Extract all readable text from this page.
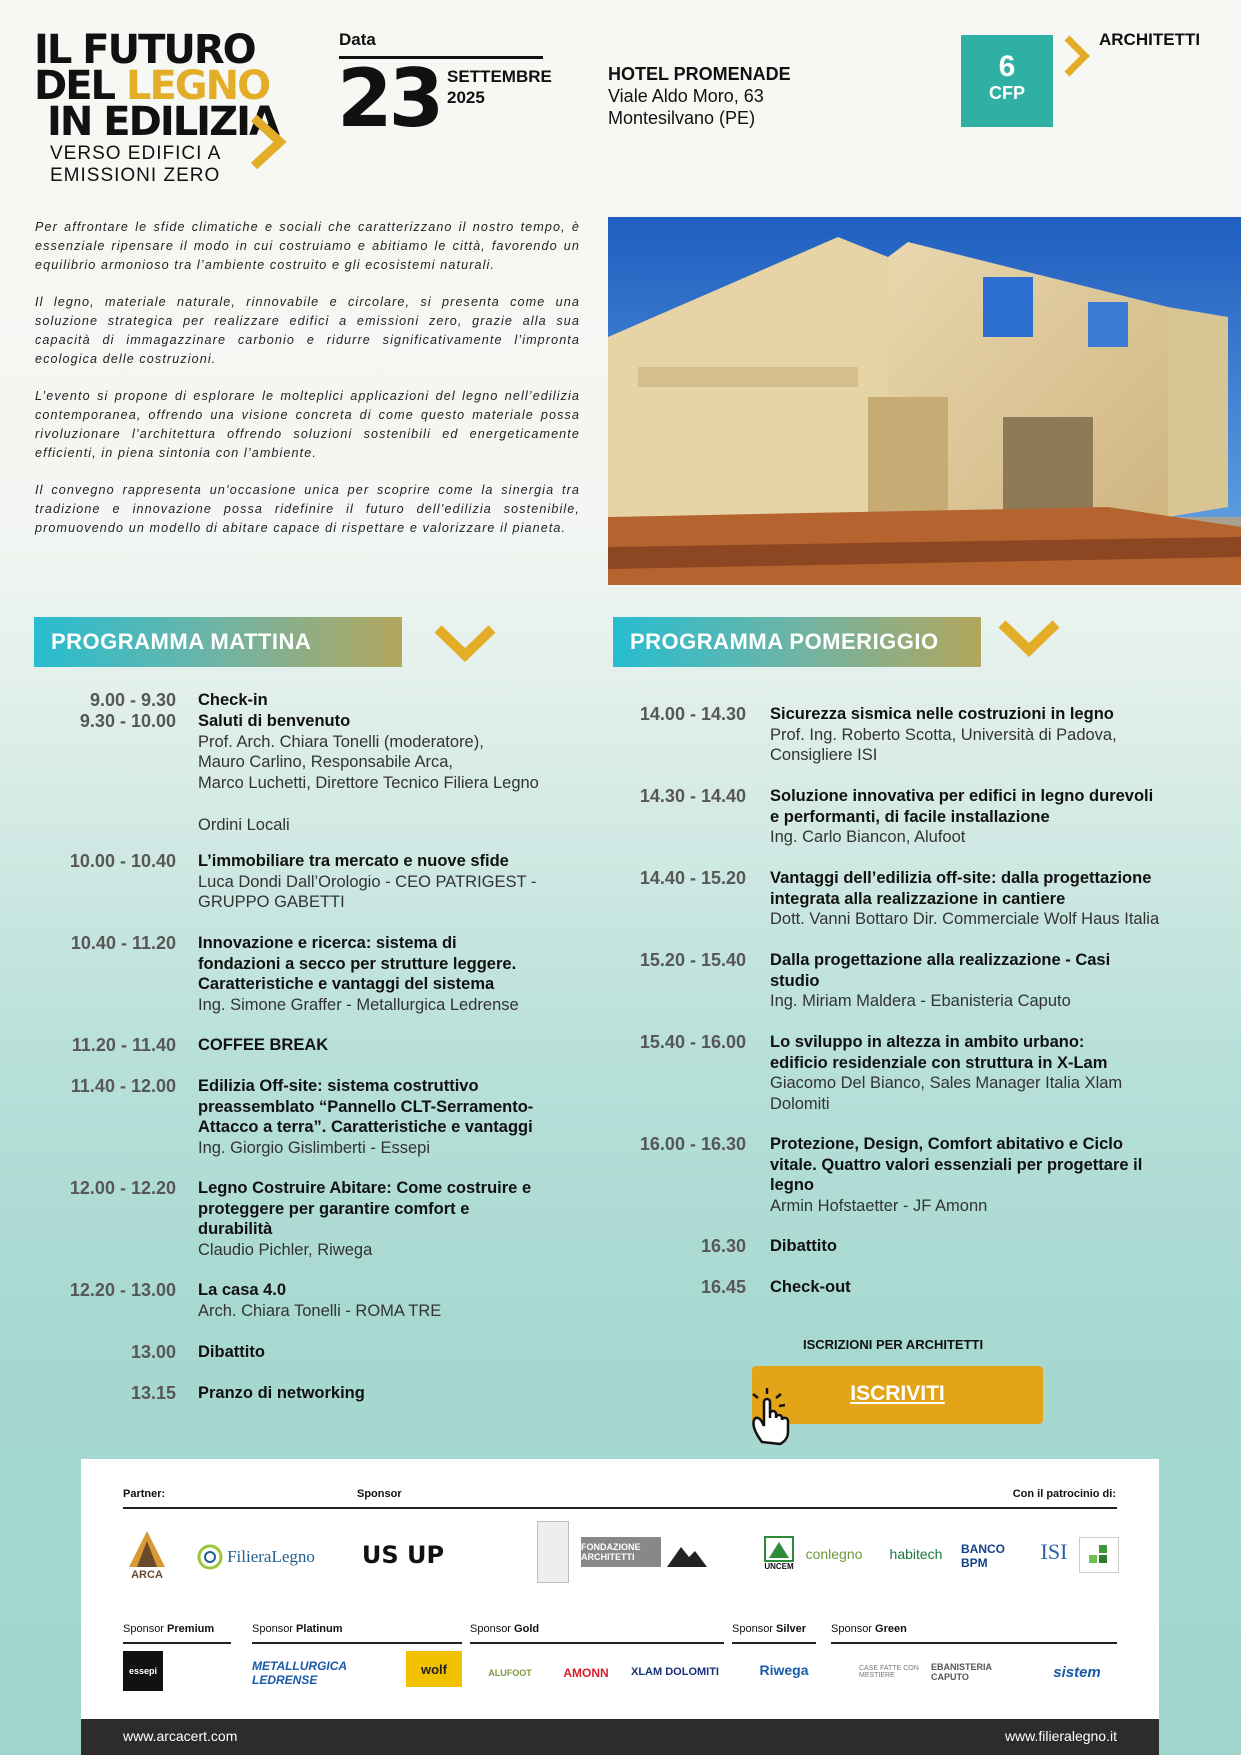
IL FUTURO
DEL LEGNO
IN EDILIZIA
VERSO EDIFICI A
EMISSIONI ZERO
Data
23 SETTEMBRE
2025
HOTEL PROMENADE
Viale Aldo Moro, 63
Montesilvano (PE)
6
CFP
ARCHITETTI

Per affrontare le sfide climatiche e sociali che caratterizzano il nostro tempo, è essenziale ripensare il modo in cui costruiamo e abitiamo le città, favorendo un equilibrio armonioso tra l’ambiente costruito e gli ecosistemi naturali.

Il legno, materiale naturale, rinnovabile e circolare, si presenta come una soluzione strategica per realizzare edifici a emissioni zero, grazie alla sua capacità di immagazzinare carbonio e ridurre significativamente l’impronta ecologica delle costruzioni.

L’evento si propone di esplorare le molteplici applicazioni del legno nell’edilizia contemporanea, offrendo una visione concreta di come questo materiale possa rivoluzionare l’architettura offrendo soluzioni sostenibili ed energeticamente efficienti, in piena sintonia con l’ambiente.

Il convegno rappresenta un’occasione unica per scoprire come la sinergia tra tradizione e innovazione possa ridefinire il futuro dell’edilizia sostenibile, promuovendo un modello di abitare capace di rispettare e valorizzare il pianeta.

PROGRAMMA MATTINA
9.00 - 9.30 Check-in
9.30 - 10.00 Saluti di benvenuto
Prof. Arch. Chiara Tonelli (moderatore),
Mauro Carlino, Responsabile Arca,
Marco Luchetti, Direttore Tecnico Filiera Legno

Ordini Locali
10.00 - 10.40 L’immobiliare tra mercato e nuove sfide
Luca Dondi Dall’Orologio - CEO PATRIGEST -
GRUPPO GABETTI
10.40 - 11.20 Innovazione e ricerca: sistema di
fondazioni a secco per strutture leggere.
Caratteristiche e vantaggi del sistema
Ing. Simone Graffer - Metallurgica Ledrense
11.20 - 11.40 COFFEE BREAK
11.40 - 12.00 Edilizia Off-site: sistema costruttivo
preassemblato “Pannello CLT-Serramento-
Attacco a terra”. Caratteristiche e vantaggi
Ing. Giorgio Gislimberti - Essepi
12.00 - 12.20 Legno Costruire Abitare: Come costruire e
proteggere per garantire comfort e
durabilità
Claudio Pichler, Riwega
12.20 - 13.00 La casa 4.0
Arch. Chiara Tonelli - ROMA TRE
13.00 Dibattito
13.15 Pranzo di networking
PROGRAMMA POMERIGGIO
14.00 - 14.30 Sicurezza sismica nelle costruzioni in legno
Prof. Ing. Roberto Scotta, Università di Padova,
Consigliere ISI
14.30 - 14.40 Soluzione innovativa per edifici in legno durevoli
e performanti, di facile installazione
Ing. Carlo Biancon, Alufoot
14.40 - 15.20 Vantaggi dell’edilizia off-site: dalla progettazione
integrata alla realizzazione in cantiere
Dott. Vanni Bottaro Dir. Commerciale Wolf Haus Italia
15.20 - 15.40 Dalla progettazione alla realizzazione - Casi
studio
Ing. Miriam Maldera - Ebanisteria Caputo
15.40 - 16.00 Lo sviluppo in altezza in ambito urbano:
edificio residenziale con struttura in X-Lam
Giacomo Del Bianco, Sales Manager Italia Xlam
Dolomiti
16.00 - 16.30 Protezione, Design, Comfort abitativo e Ciclo
vitale. Quattro valori essenziali per progettare il
legno
Armin Hofstaetter - JF Amonn
16.30 Dibattito
16.45 Check-out
ISCRIZIONI PER ARCHITETTI
ISCRIVITI
Partner:	Sponsor	Con il patrocinio di:
ARCA
FilieraLegno US UP	FONDAZIONE ARCHITETTI
UNCEM
conlegno	habitech	BANCO BPM	ISI
Sponsor Premium	Sponsor Platinum	Sponsor Gold	Sponsor Silver Sponsor Green
essepi	METALLURGICA LEDRENSE
wolf	ALUFOOT	AMONN	XLAM DOLOMITI	Riwega	CASE FATTE CON MESTIERE
EBANISTERIA CAPUTO	sistem
www.arcacert.com	www.filieralegno.it
